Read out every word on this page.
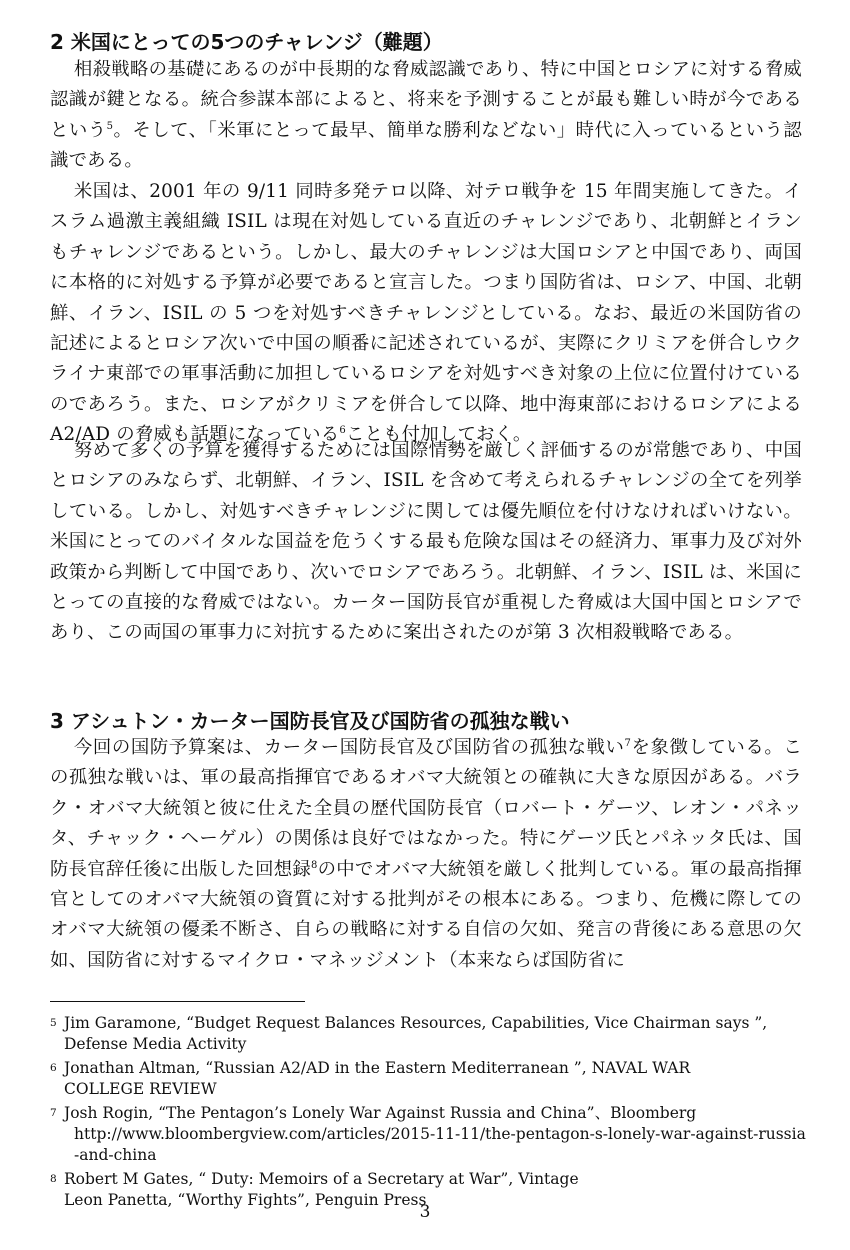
2 米国にとっての5つのチャレンジ（難題）

相殺戦略の基礎にあるのが中長期的な脅威認識であり、特に中国とロシアに対する脅威認識が鍵となる。統合参謀本部によると、将来を予測することが最も難しい時が今であるという$^5$。そして、「米軍にとって最早、簡単な勝利などない」時代に入っているという認識である。

米国は、2001 年の 9/11 同時多発テロ以降、対テロ戦争を 15 年間実施してきた。イスラム過激主義組織 ISIL は現在対処している直近のチャレンジであり、北朝鮮とイランもチャレンジであるという。しかし、最大のチャレンジは大国ロシアと中国であり、両国に本格的に対処する予算が必要であると宣言した。つまり国防省は、ロシア、中国、北朝鮮、イラン、ISIL の 5 つを対処すべきチャレンジとしている。なお、最近の米国防省の記述によるとロシア次いで中国の順番に記述されているが、実際にクリミアを併合しウクライナ東部での軍事活動に加担しているロシアを対処すべき対象の上位に位置付けているのであろう。また、ロシアがクリミアを併合して以降、地中海東部におけるロシアによる A2/AD の脅威も話題になっている$^6$ことも付加しておく。

努めて多くの予算を獲得するためには国際情勢を厳しく評価するのが常態であり、中国とロシアのみならず、北朝鮮、イラン、ISIL を含めて考えられるチャレンジの全てを列挙している。しかし、対処すべきチャレンジに関しては優先順位を付けなければいけない。米国にとってのバイタルな国益を危うくする最も危険な国はその経済力、軍事力及び対外政策から判断して中国であり、次いでロシアであろう。北朝鮮、イラン、ISIL は、米国にとっての直接的な脅威ではない。カーター国防長官が重視した脅威は大国中国とロシアであり、この両国の軍事力に対抗するために案出されたのが第 3 次相殺戦略である。

3 アシュトン・カーター国防長官及び国防省の孤独な戦い

今回の国防予算案は、カーター国防長官及び国防省の孤独な戦い$^7$を象徴している。この孤独な戦いは、軍の最高指揮官であるオバマ大統領との確執に大きな原因がある。バラク・オバマ大統領と彼に仕えた全員の歴代国防長官（ロバート・ゲーツ、レオン・パネッタ、チャック・ヘーゲル）の関係は良好ではなかった。特にゲーツ氏とパネッタ氏は、国防長官辞任後に出版した回想録$^8$の中でオバマ大統領を厳しく批判している。軍の最高指揮官としてのオバマ大統領の資質に対する批判がその根本にある。つまり、危機に際してのオバマ大統領の優柔不断さ、自らの戦略に対する自信の欠如、発言の背後にある意思の欠如、国防省に対するマイクロ・マネッジメント（本来ならば国防省に

5 Jim Garamone, “Budget Request Balances Resources, Capabilities, Vice Chairman says ”,
Defense Media Activity
6 Jonathan Altman, “Russian A2/AD in the Eastern Mediterranean ”, NAVAL WAR
COLLEGE REVIEW
7 Josh Rogin, “The Pentagon’s Lonely War Against Russia and China”、Bloomberg
http://www.bloombergview.com/articles/2015-11-11/the-pentagon-s-lonely-war-against-russia-and-china
8 Robert M Gates, “ Duty: Memoirs of a Secretary at War”, Vintage
Leon Panetta, “Worthy Fights”, Penguin Press
3
